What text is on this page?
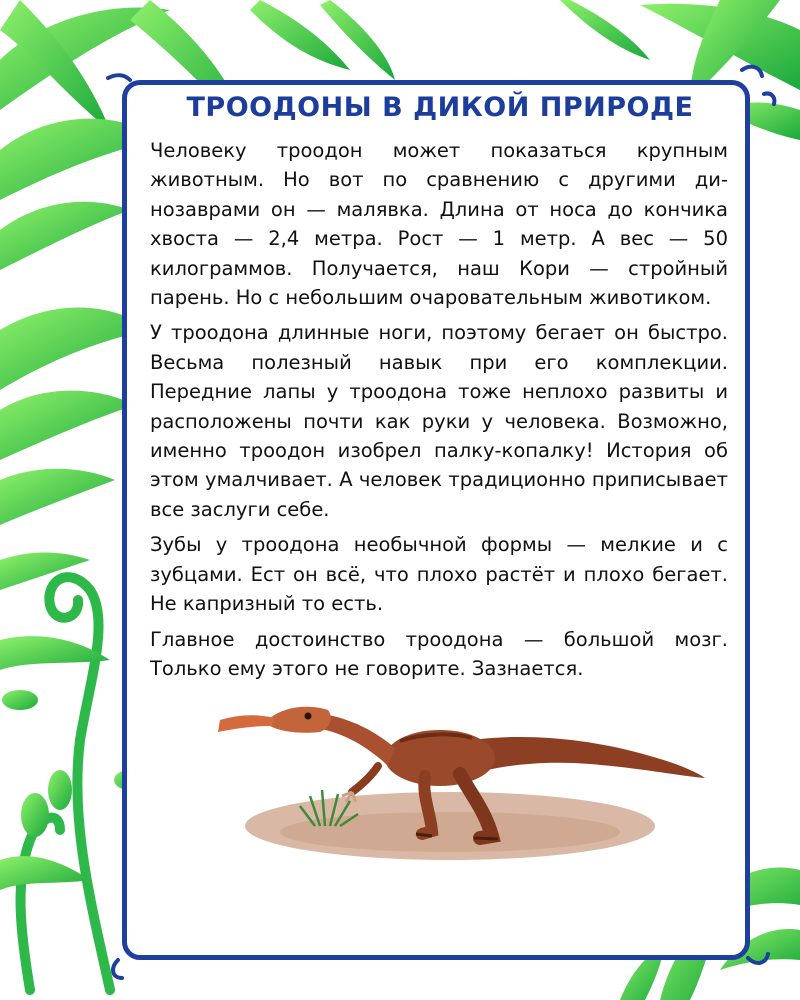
ТРООДОНЫ В ДИКОЙ ПРИРОДЕ

Человеку троодон может показаться крупным животным. Но вот по сравнению с другими динозаврами он — малявка. Длина от носа до кончика хвоста — 2,4 метра. Рост — 1 метр. А вес — 50 килограммов. Получается, наш Кори — стройный парень. Но с небольшим очаровательным животиком.

У троодона длинные ноги, поэтому бегает он быстро. Весьма полезный навык при его комплекции. Передние лапы у троодона тоже неплохо развиты и расположены почти как руки у человека. Возможно, именно троодон изобрел палку-копалку! История об этом умалчивает. А человек традиционно приписывает все заслуги себе.

Зубы у троодона необычной формы — мелкие и с зубцами. Ест он всё, что плохо растёт и плохо бегает. Не капризный то есть.

Главное достоинство троодона — большой мозг. Только ему этого не говорите. Зазнается.
